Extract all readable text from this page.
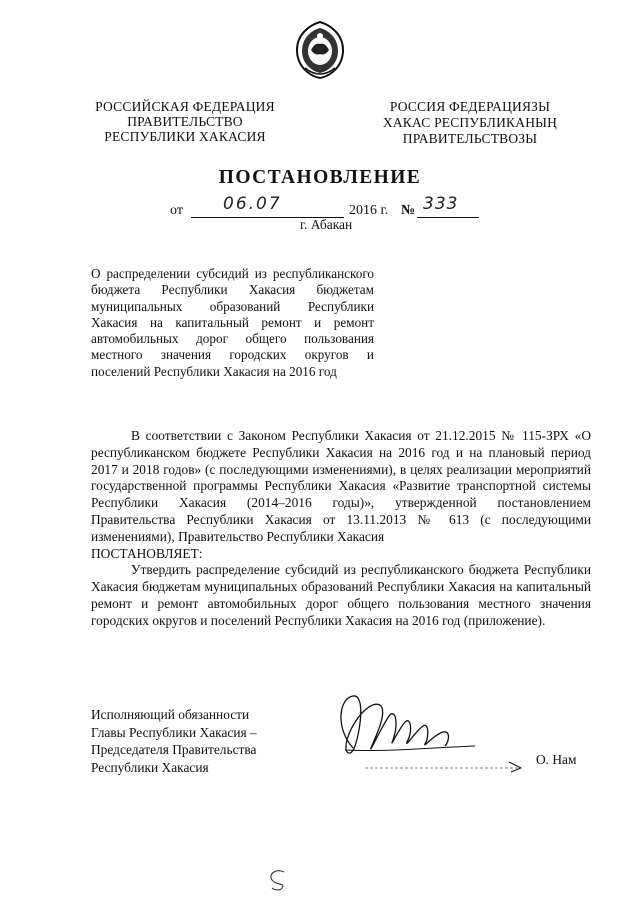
РОССИЙСКАЯ ФЕДЕРАЦИЯ
ПРАВИТЕЛЬСТВО
РЕСПУБЛИКИ ХАКАСИЯ
РОССИЯ ФЕДЕРАЦИЯЗЫ
ХАКАС РЕСПУБЛИКАНЫҢ
ПРАВИТЕЛЬСТВОЗЫ
ПОСТАНОВЛЕНИЕ
от 06.07	2016 г. № 333
г. Абакан
О распределении субсидий из республиканского бюджета Республики Хакасия бюджетам муниципальных образований Республики Хакасия на капитальный ремонт и ремонт автомобильных дорог общего пользования местного значения городских округов и поселений Республики Хакасия на 2016 год

В соответствии с Законом Республики Хакасия от 21.12.2015 № 115-ЗРХ «О республиканском бюджете Республики Хакасия на 2016 год и на плановый период 2017 и 2018 годов» (с последующими изменениями), в целях реализации мероприятий государственной программы Республики Хакасия «Развитие транспортной системы Республики Хакасия (2014–2016 годы)», утвержденной постановлением Правительства Республики Хакасия от 13.11.2013 № 613 (с последующими изменениями), Правительство Республики Хакасия

ПОСТАНОВЛЯЕТ:

Утвердить распределение субсидий из республиканского бюджета Республики Хакасия бюджетам муниципальных образований Республики Хакасия на капитальный ремонт и ремонт автомобильных дорог общего пользования местного значения городских округов и поселений Республики Хакасия на 2016 год (приложение).

Исполняющий обязанности
Главы Республики Хакасия –
Председателя Правительства
Республики Хакасия	О. Нам
